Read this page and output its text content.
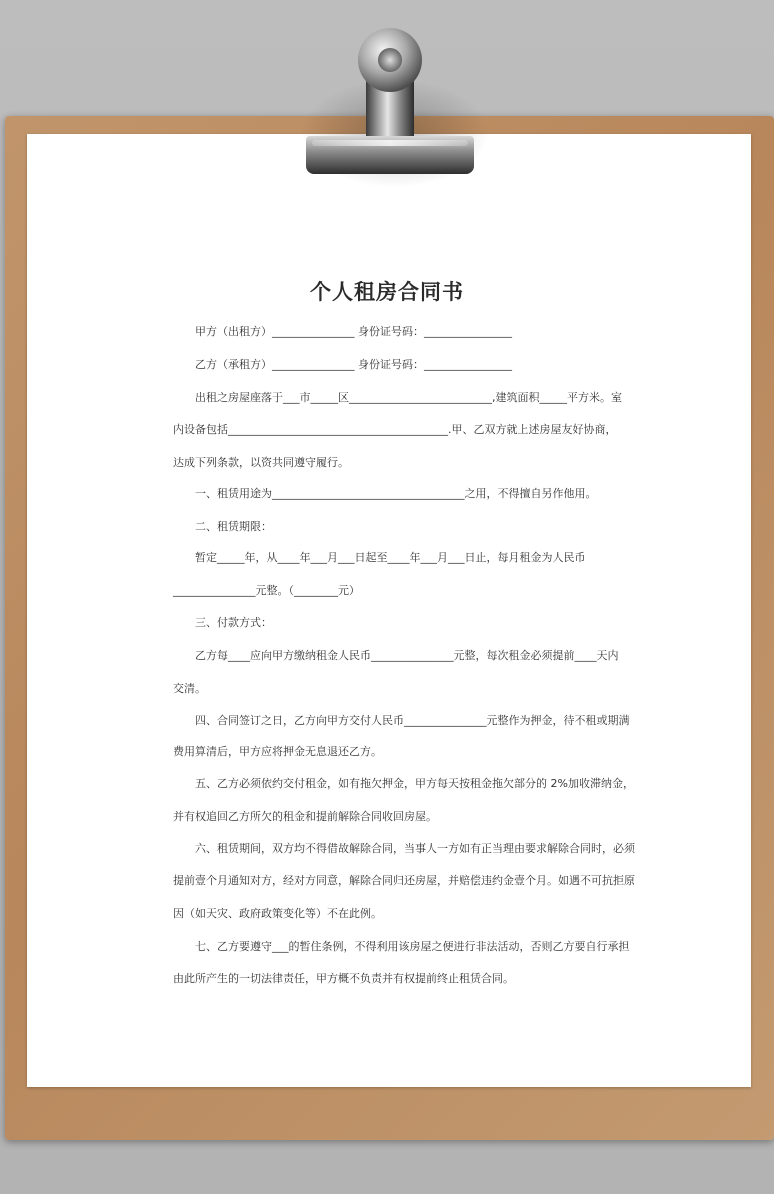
个人租房合同书
　　甲方（出租方）_______________ 身份证号码：________________
　　乙方（承租方）_______________ 身份证号码：________________
　　出租之房屋座落于___市_____区__________________________,建筑面积_____平方米。室
内设备包括________________________________________.甲、乙双方就上述房屋友好协商，
达成下列条款，以资共同遵守履行。
　　一、租赁用途为___________________________________之用，不得擅自另作他用。
　　二、租赁期限：
　　暂定_____年，从____年___月___日起至____年___月___日止，每月租金为人民币
_______________元整。（________元）
　　三、付款方式：
　　乙方每____应向甲方缴纳租金人民币_______________元整，每次租金必须提前____天内
交清。
　　四、合同签订之日，乙方向甲方交付人民币_______________元整作为押金，待不租或期满
费用算清后，甲方应将押金无息退还乙方。
　　五、乙方必须依约交付租金，如有拖欠押金，甲方每天按租金拖欠部分的 2%加收滞纳金，
并有权追回乙方所欠的租金和提前解除合同收回房屋。
　　六、租赁期间，双方均不得借故解除合同，当事人一方如有正当理由要求解除合同时，必须
提前壹个月通知对方，经对方同意，解除合同归还房屋，并赔偿违约金壹个月。如遇不可抗拒原
因（如天灾、政府政策变化等）不在此例。
　　七、乙方要遵守___的暂住条例，不得利用该房屋之便进行非法活动，否则乙方要自行承担
由此所产生的一切法律责任，甲方概不负责并有权提前终止租赁合同。
